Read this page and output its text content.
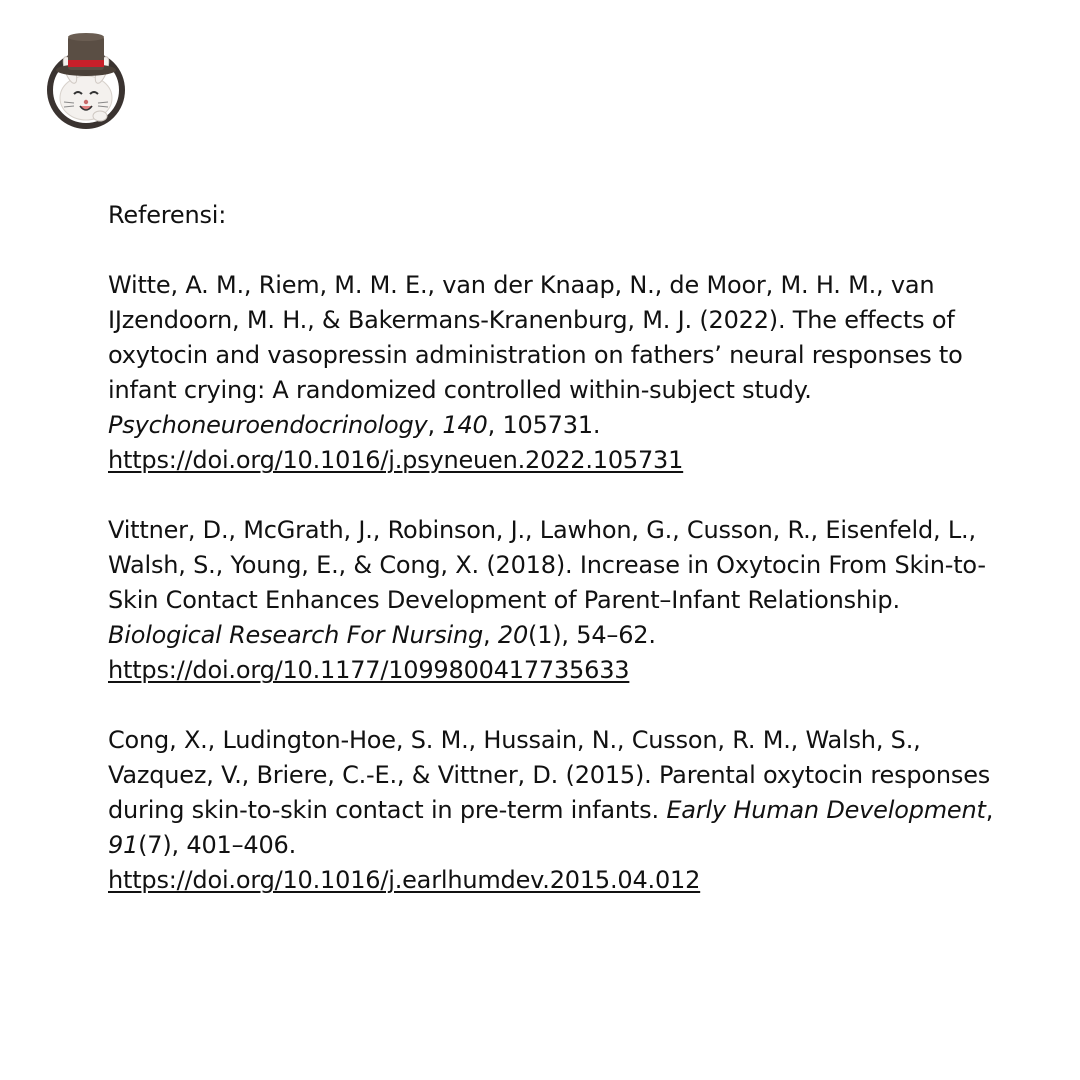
Referensi:
Witte, A. M., Riem, M. M. E., van der Knaap, N., de Moor, M. H. M., van IJzendoorn, M. H., & Bakermans-Kranenburg, M. J. (2022). The effects of oxytocin and vasopressin administration on fathers’ neural responses to infant crying: A randomized controlled within-subject study. Psychoneuroendocrinology, 140, 105731.
https://doi.org/10.1016/j.psyneuen.2022.105731
Vittner, D., McGrath, J., Robinson, J., Lawhon, G., Cusson, R., Eisenfeld, L., Walsh, S., Young, E., & Cong, X. (2018). Increase in Oxytocin From Skin-to-Skin Contact Enhances Development of Parent–Infant Relationship. Biological Research For Nursing, 20(1), 54–62.
https://doi.org/10.1177/1099800417735633
Cong, X., Ludington-Hoe, S. M., Hussain, N., Cusson, R. M., Walsh, S., Vazquez, V., Briere, C.-E., & Vittner, D. (2015). Parental oxytocin responses during skin-to-skin contact in pre-term infants. Early Human Development, 91(7), 401–406.
https://doi.org/10.1016/j.earlhumdev.2015.04.012
